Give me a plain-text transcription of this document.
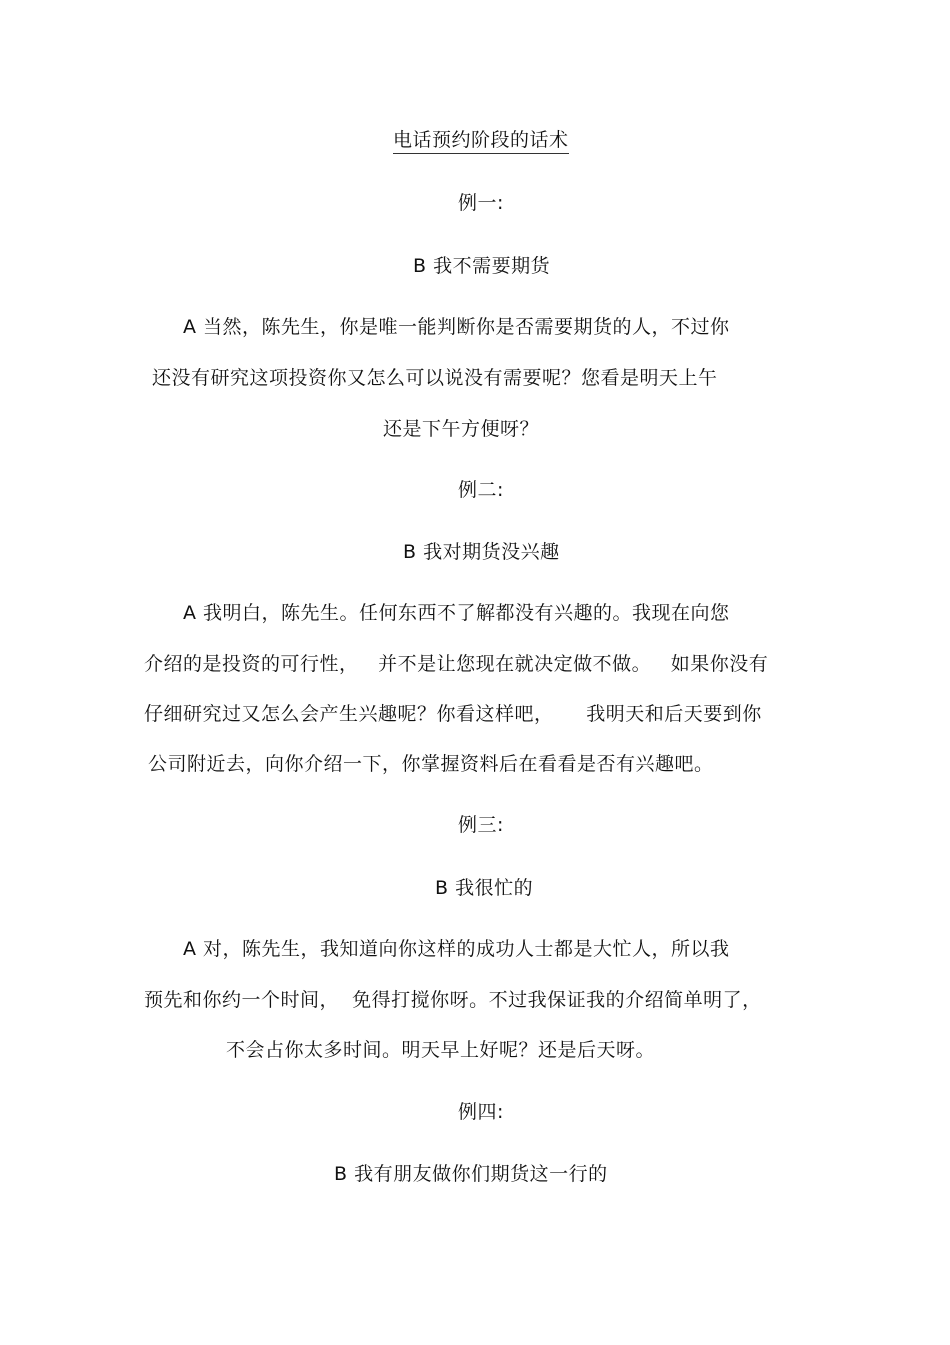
电话预约阶段的话术
例一:
B 我不需要期货
A 当然，陈先生，你是唯一能判断你是否需要期货的人，不过你
还没有研究这项投资你又怎么可以说没有需要呢？您看是明天上午
还是下午方便呀？
例二:
B 我对期货没兴趣
A 我明白，陈先生。任何东西不了解都没有兴趣的。我现在向您
介绍的是投资的可行性，   并不是让您现在就决定做不做。   如果你没有
仔细研究过又怎么会产生兴趣呢？你看这样吧，     我明天和后天要到你
公司附近去，向你介绍一下，你掌握资料后在看看是否有兴趣吧。
例三:
B 我很忙的
A 对，陈先生，我知道向你这样的成功人士都是大忙人，所以我
预先和你约一个时间，  免得打搅你呀。不过我保证我的介绍简单明了，
不会占你太多时间。明天早上好呢？还是后天呀。
例四:
B 我有朋友做你们期货这一行的
